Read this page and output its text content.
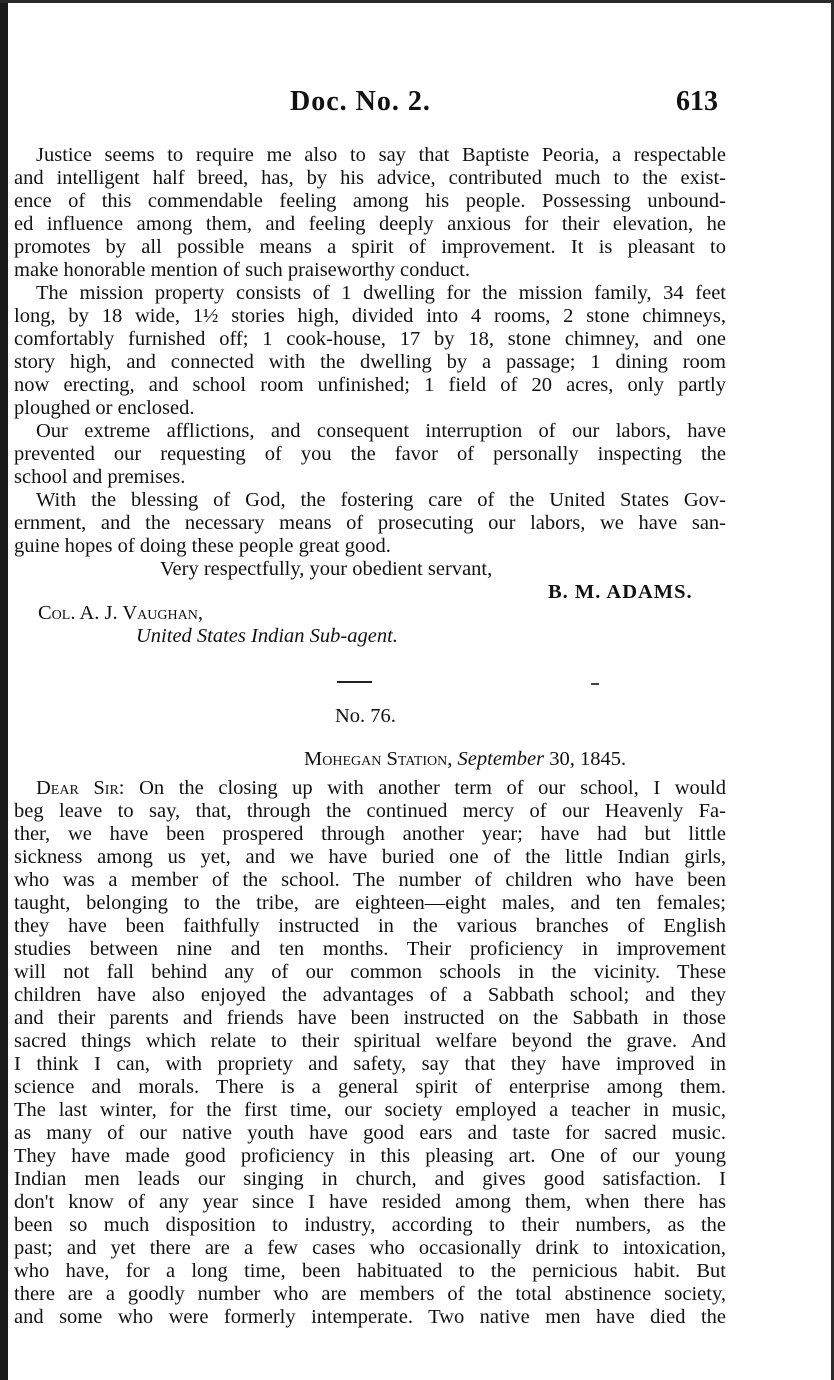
Doc. No. 2.	613
Justice seems to require me also to say that Baptiste Peoria, a respectable
and intelligent half breed, has, by his advice, contributed much to the exist-
ence of this commendable feeling among his people. Possessing unbound-
ed influence among them, and feeling deeply anxious for their elevation, he
promotes by all possible means a spirit of improvement. It is pleasant to
make honorable mention of such praiseworthy conduct.
The mission property consists of 1 dwelling for the mission family, 34 feet
long, by 18 wide, 1½ stories high, divided into 4 rooms, 2 stone chimneys,
comfortably furnished off; 1 cook-house, 17 by 18, stone chimney, and one
story high, and connected with the dwelling by a passage; 1 dining room
now erecting, and school room unfinished; 1 field of 20 acres, only partly
ploughed or enclosed.
Our extreme afflictions, and consequent interruption of our labors, have
prevented our requesting of you the favor of personally inspecting the
school and premises.
With the blessing of God, the fostering care of the United States Gov-
ernment, and the necessary means of prosecuting our labors, we have san-
guine hopes of doing these people great good.
Very respectfully, your obedient servant,
B. M. ADAMS.
Col. A. J. Vaughan,
United States Indian Sub-agent.
No. 76.
Mohegan Station, September 30, 1845.
Dear Sir: On the closing up with another term of our school, I would
beg leave to say, that, through the continued mercy of our Heavenly Fa-
ther, we have been prospered through another year; have had but little
sickness among us yet, and we have buried one of the little Indian girls,
who was a member of the school. The number of children who have been
taught, belonging to the tribe, are eighteen—eight males, and ten females;
they have been faithfully instructed in the various branches of English
studies between nine and ten months. Their proficiency in improvement
will not fall behind any of our common schools in the vicinity. These
children have also enjoyed the advantages of a Sabbath school; and they
and their parents and friends have been instructed on the Sabbath in those
sacred things which relate to their spiritual welfare beyond the grave. And
I think I can, with propriety and safety, say that they have improved in
science and morals. There is a general spirit of enterprise among them.
The last winter, for the first time, our society employed a teacher in music,
as many of our native youth have good ears and taste for sacred music.
They have made good proficiency in this pleasing art. One of our young
Indian men leads our singing in church, and gives good satisfaction. I
don't know of any year since I have resided among them, when there has
been so much disposition to industry, according to their numbers, as the
past; and yet there are a few cases who occasionally drink to intoxication,
who have, for a long time, been habituated to the pernicious habit. But
there are a goodly number who are members of the total abstinence society,
and some who were formerly intemperate. Two native men have died the
